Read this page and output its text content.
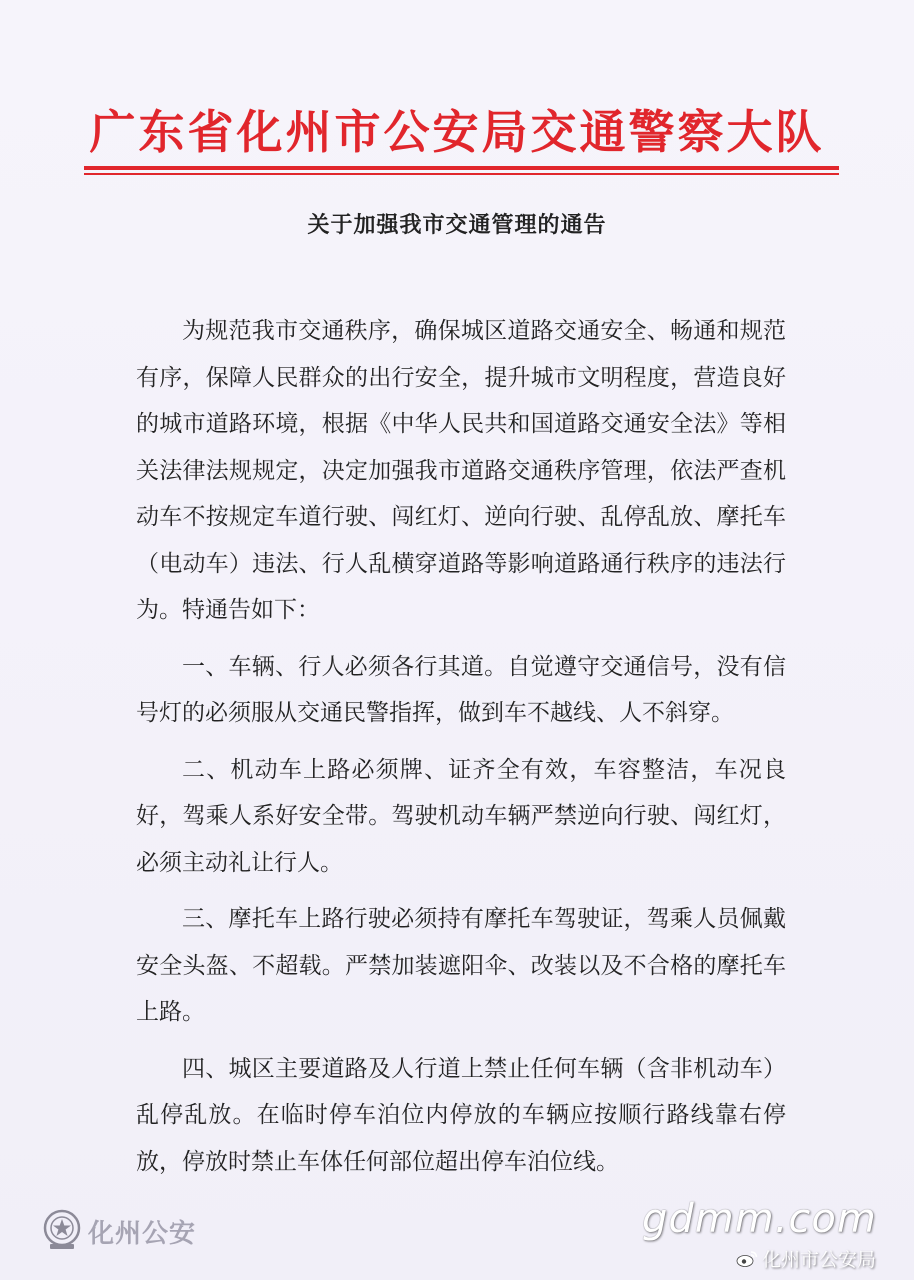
广东省化州市公安局交通警察大队
关于加强我市交通管理的通告

为规范我市交通秩序，确保城区道路交通安全、畅通和规范有序，保障人民群众的出行安全，提升城市文明程度，营造良好的城市道路环境，根据《中华人民共和国道路交通安全法》等相关法律法规规定，决定加强我市道路交通秩序管理，依法严查机动车不按规定车道行驶、闯红灯、逆向行驶、乱停乱放、摩托车（电动车）违法、行人乱横穿道路等影响道路通行秩序的违法行为。特通告如下：

一、车辆、行人必须各行其道。自觉遵守交通信号，没有信号灯的必须服从交通民警指挥，做到车不越线、人不斜穿。

二、机动车上路必须牌、证齐全有效，车容整洁，车况良好，驾乘人系好安全带。驾驶机动车辆严禁逆向行驶、闯红灯，必须主动礼让行人。

三、摩托车上路行驶必须持有摩托车驾驶证，驾乘人员佩戴安全头盔、不超载。严禁加装遮阳伞、改装以及不合格的摩托车上路。

四、城区主要道路及人行道上禁止任何车辆（含非机动车）乱停乱放。在临时停车泊位内停放的车辆应按顺行路线靠右停放，停放时禁止车体任何部位超出停车泊位线。

化州公安	gdmm.com
化州市公安局
